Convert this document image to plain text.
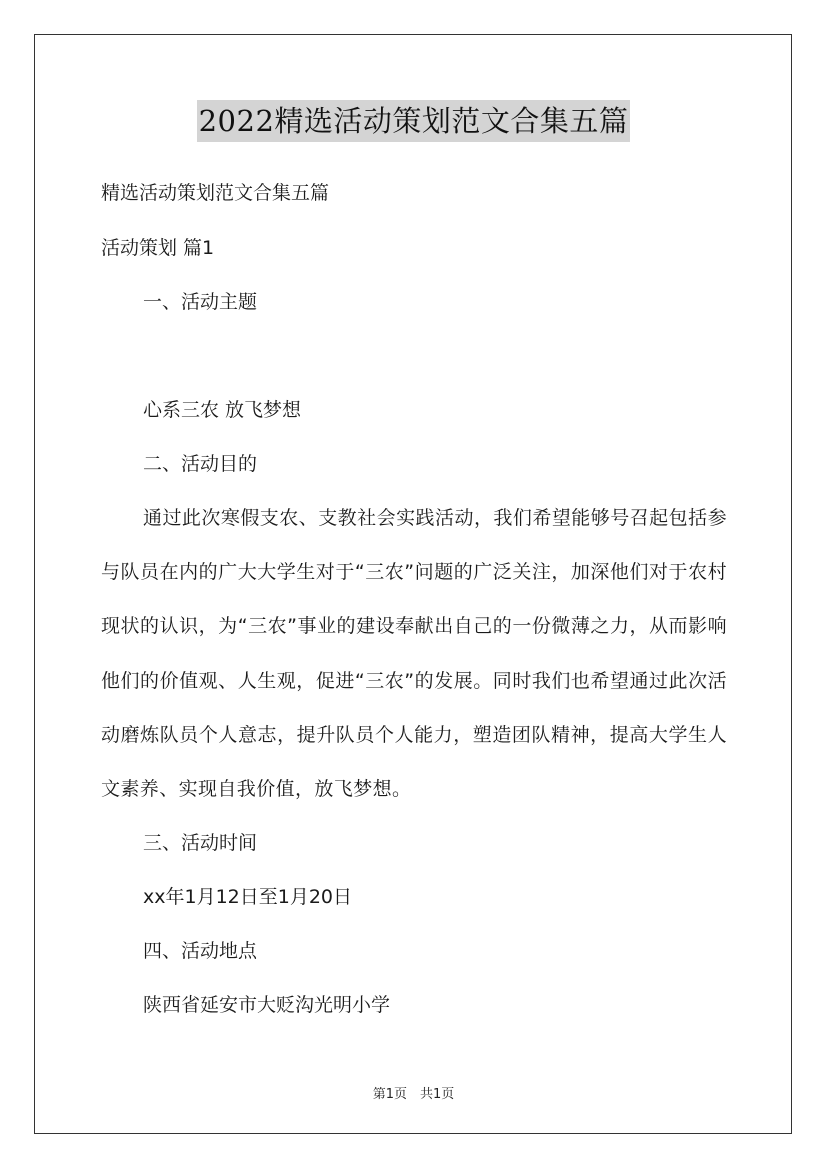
2022精选活动策划范文合集五篇
精选活动策划范文合集五篇
活动策划 篇1
一、活动主题
心系三农 放飞梦想
二、活动目的
通过此次寒假支农、支教社会实践活动，我们希望能够号召起包括参与队员在内的广大大学生对于“三农”问题的广泛关注，加深他们对于农村现状的认识，为“三农”事业的建设奉献出自己的一份微薄之力，从而影响他们的价值观、人生观，促进“三农”的发展。同时我们也希望通过此次活动磨炼队员个人意志，提升队员个人能力，塑造团队精神，提高大学生人文素养、实现自我价值，放飞梦想。
三、活动时间
xx年1月12日至1月20日
四、活动地点
陕西省延安市大贬沟光明小学
第1页　共1页
